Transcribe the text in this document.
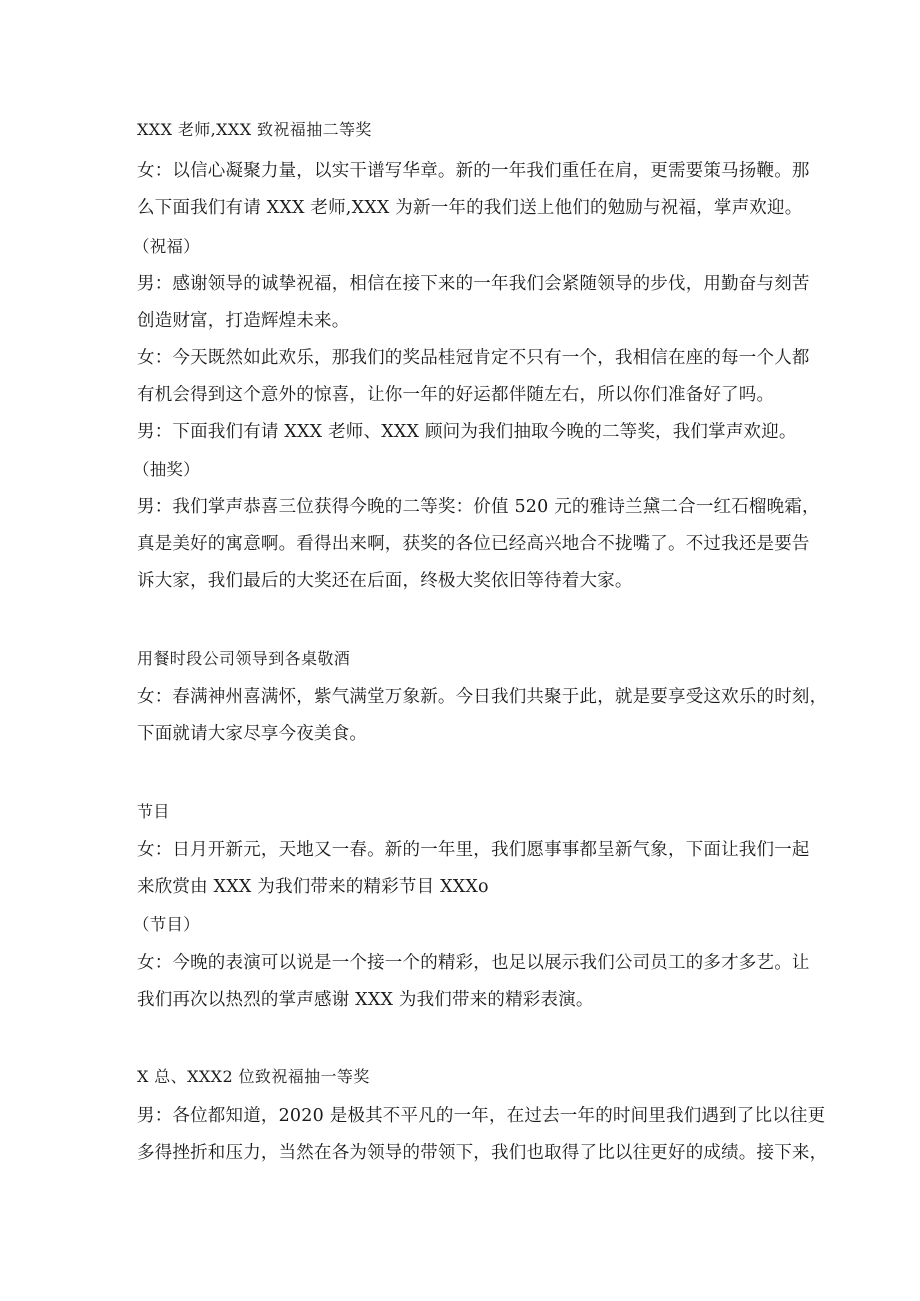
XXX 老师,XXX 致祝福抽二等奖
女：以信心凝聚力量，以实干谱写华章。新的一年我们重任在肩，更需要策马扬鞭。那
么下面我们有请 XXX 老师,XXX 为新一年的我们送上他们的勉励与祝福，掌声欢迎。
（祝福）
男：感谢领导的诚挚祝福，相信在接下来的一年我们会紧随领导的步伐，用勤奋与刻苦
创造财富，打造辉煌未来。
女：今天既然如此欢乐，那我们的奖品桂冠肯定不只有一个，我相信在座的每一个人都
有机会得到这个意外的惊喜，让你一年的好运都伴随左右，所以你们准备好了吗。
男：下面我们有请 XXX 老师、XXX 顾问为我们抽取今晚的二等奖，我们掌声欢迎。
（抽奖）
男：我们掌声恭喜三位获得今晚的二等奖：价值 520 元的雅诗兰黛二合一红石榴晚霜，
真是美好的寓意啊。看得出来啊，获奖的各位已经高兴地合不拢嘴了。不过我还是要告
诉大家，我们最后的大奖还在后面，终极大奖依旧等待着大家。
用餐时段公司领导到各桌敬酒
女：春满神州喜满怀，紫气满堂万象新。今日我们共聚于此，就是要享受这欢乐的时刻，
下面就请大家尽享今夜美食。
节目
女：日月开新元，天地又一春。新的一年里，我们愿事事都呈新气象，下面让我们一起
来欣赏由 XXX 为我们带来的精彩节目 XXXo
（节目）
女：今晚的表演可以说是一个接一个的精彩，也足以展示我们公司员工的多才多艺。让
我们再次以热烈的掌声感谢 XXX 为我们带来的精彩表演。
X 总、XXX2 位致祝福抽一等奖
男：各位都知道，2020 是极其不平凡的一年，在过去一年的时间里我们遇到了比以往更
多得挫折和压力，当然在各为领导的带领下，我们也取得了比以往更好的成绩。接下来，
